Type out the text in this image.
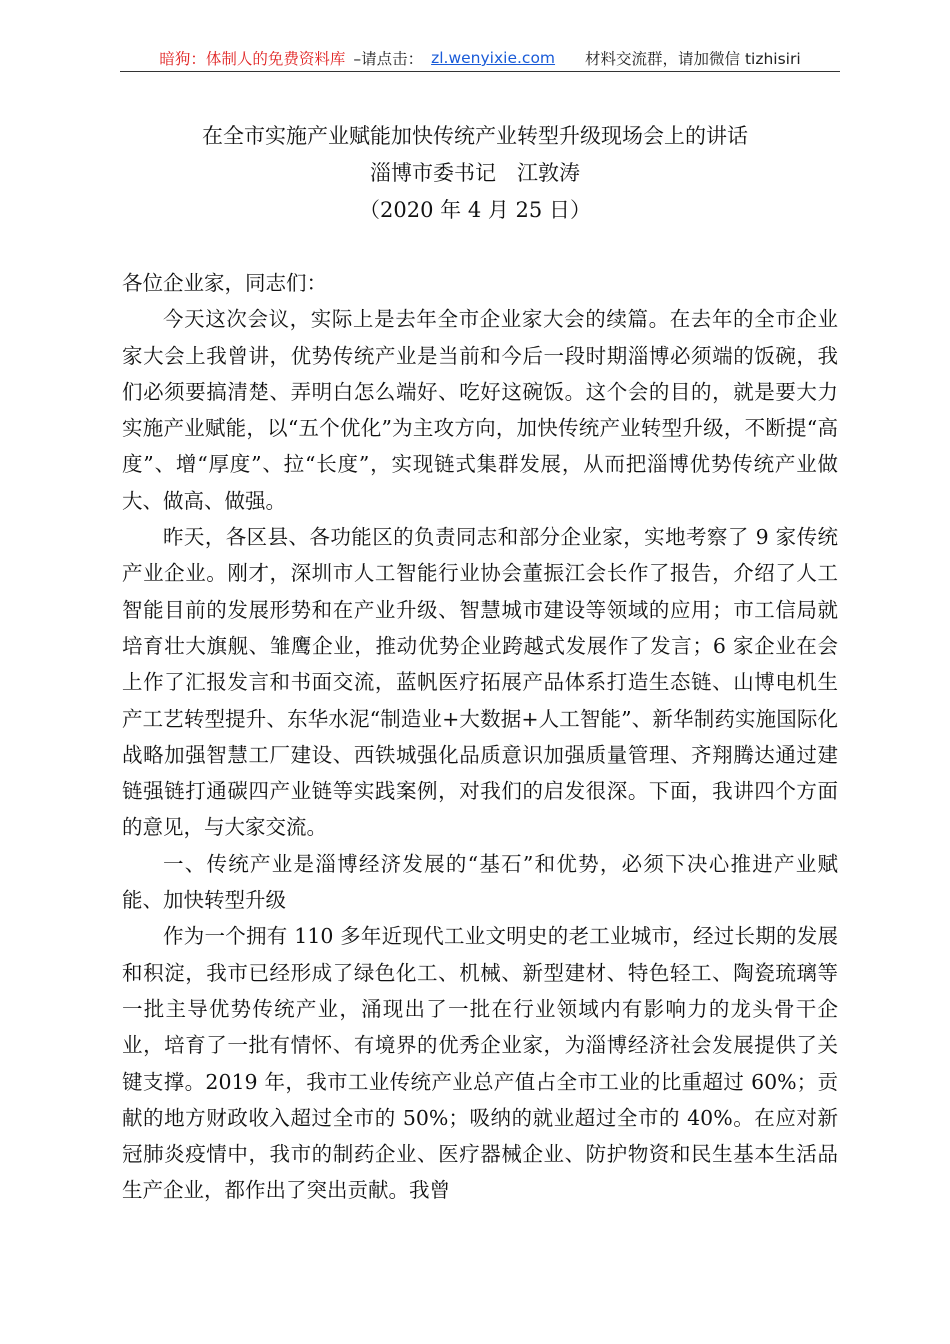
暗狗：体制人的免费资料库 –请点击： zl.wenyixie.com 材料交流群，请加微信 tizhisiri
在全市实施产业赋能加快传统产业转型升级现场会上的讲话
淄博市委书记　江敦涛
（2020 年 4 月 25 日）

各位企业家，同志们：

今天这次会议，实际上是去年全市企业家大会的续篇。在去年的全市企业家大会上我曾讲，优势传统产业是当前和今后一段时期淄博必须端的饭碗，我们必须要搞清楚、弄明白怎么端好、吃好这碗饭。这个会的目的，就是要大力实施产业赋能，以“五个优化”为主攻方向，加快传统产业转型升级，不断提“高度”、增“厚度”、拉“长度”，实现链式集群发展，从而把淄博优势传统产业做大、做高、做强。

昨天，各区县、各功能区的负责同志和部分企业家，实地考察了 9 家传统产业企业。刚才，深圳市人工智能行业协会董振江会长作了报告，介绍了人工智能目前的发展形势和在产业升级、智慧城市建设等领域的应用；市工信局就培育壮大旗舰、雏鹰企业，推动优势企业跨越式发展作了发言；6 家企业在会上作了汇报发言和书面交流，蓝帆医疗拓展产品体系打造生态链、山博电机生产工艺转型提升、东华水泥“制造业+大数据+人工智能”、新华制药实施国际化战略加强智慧工厂建设、西铁城强化品质意识加强质量管理、齐翔腾达通过建链强链打通碳四产业链等实践案例，对我们的启发很深。下面，我讲四个方面的意见，与大家交流。

一、传统产业是淄博经济发展的“基石”和优势，必须下决心推进产业赋能、加快转型升级

作为一个拥有 110 多年近现代工业文明史的老工业城市，经过长期的发展和积淀，我市已经形成了绿色化工、机械、新型建材、特色轻工、陶瓷琉璃等一批主导优势传统产业，涌现出了一批在行业领域内有影响力的龙头骨干企业，培育了一批有情怀、有境界的优秀企业家，为淄博经济社会发展提供了关键支撑。2019 年，我市工业传统产业总产值占全市工业的比重超过 60%；贡献的地方财政收入超过全市的 50%；吸纳的就业超过全市的 40%。在应对新冠肺炎疫情中，我市的制药企业、医疗器械企业、防护物资和民生基本生活品生产企业，都作出了突出贡献。我曾
